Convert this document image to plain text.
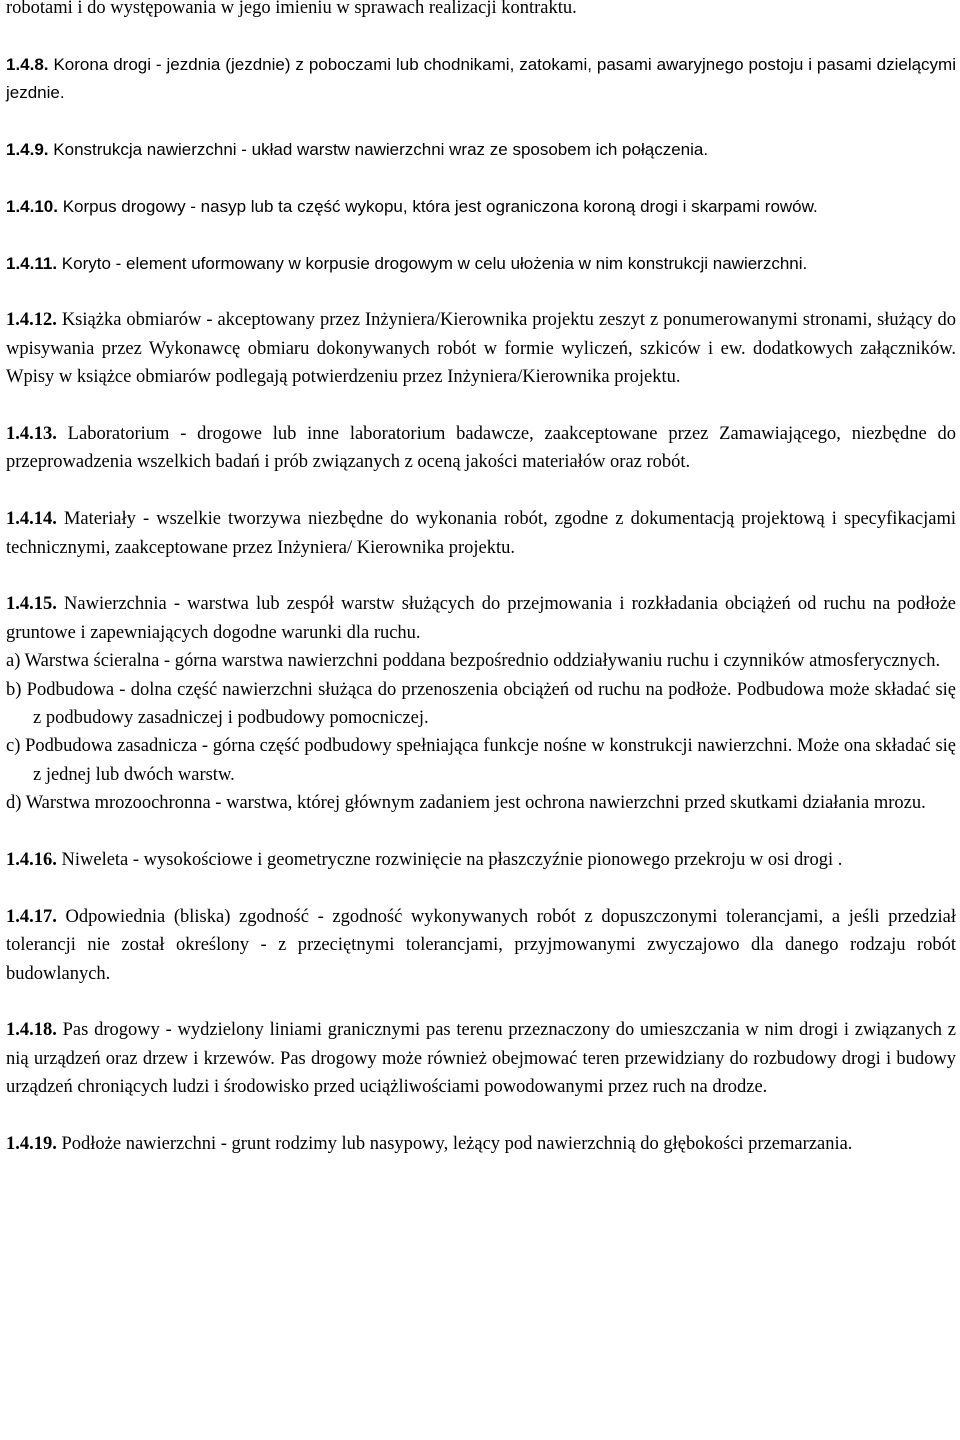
robotami i do występowania w jego imieniu w sprawach realizacji kontraktu.

1.4.8. Korona drogi - jezdnia (jezdnie) z poboczami lub chodnikami, zatokami, pasami awaryjnego postoju i pasami dzielącymi jezdnie.

1.4.9. Konstrukcja nawierzchni - układ warstw nawierzchni wraz ze sposobem ich połączenia.

1.4.10. Korpus drogowy - nasyp lub ta część wykopu, która jest ograniczona koroną drogi i skarpami rowów.

1.4.11. Koryto - element uformowany w korpusie drogowym w celu ułożenia w nim konstrukcji nawierzchni.

1.4.12. Książka obmiarów - akceptowany przez Inżyniera/Kierownika projektu zeszyt z ponumerowanymi stronami, służący do wpisywania przez Wykonawcę obmiaru dokonywanych robót w formie wyliczeń, szkiców i ew. dodatkowych załączników. Wpisy w książce obmiarów podlegają potwierdzeniu przez Inżyniera/Kierownika projektu.

1.4.13. Laboratorium - drogowe lub inne laboratorium badawcze, zaakceptowane przez Zamawiającego, niezbędne do przeprowadzenia wszelkich badań i prób związanych z oceną jakości materiałów oraz robót.

1.4.14. Materiały - wszelkie tworzywa niezbędne do wykonania robót, zgodne z dokumentacją projektową i specyfikacjami technicznymi, zaakceptowane przez Inżyniera/ Kierownika projektu.

1.4.15. Nawierzchnia - warstwa lub zespół warstw służących do przejmowania i rozkładania obciążeń od ruchu na podłoże gruntowe i zapewniających dogodne warunki dla ruchu.

a) Warstwa ścieralna - górna warstwa nawierzchni poddana bezpośrednio oddziaływaniu ruchu i czynników atmosferycznych.

b) Podbudowa - dolna część nawierzchni służąca do przenoszenia obciążeń od ruchu na podłoże. Podbudowa może składać się z podbudowy zasadniczej i podbudowy pomocniczej.

c) Podbudowa zasadnicza - górna część podbudowy spełniająca funkcje nośne w konstrukcji nawierzchni. Może ona składać się z jednej lub dwóch warstw.

d) Warstwa mrozoochronna - warstwa, której głównym zadaniem jest ochrona nawierzchni przed skutkami działania mrozu.

1.4.16. Niweleta - wysokościowe i geometryczne rozwinięcie na płaszczyźnie pionowego przekroju w osi drogi .

1.4.17. Odpowiednia (bliska) zgodność - zgodność wykonywanych robót z dopuszczonymi tolerancjami, a jeśli przedział tolerancji nie został określony - z przeciętnymi tolerancjami, przyjmowanymi zwyczajowo dla danego rodzaju robót budowlanych.

1.4.18. Pas drogowy - wydzielony liniami granicznymi pas terenu przeznaczony do umieszczania w nim drogi i związanych z nią urządzeń oraz drzew i krzewów. Pas drogowy może również obejmować teren przewidziany do rozbudowy drogi i budowy urządzeń chroniących ludzi i środowisko przed uciążliwościami powodowanymi przez ruch na drodze.

1.4.19. Podłoże nawierzchni - grunt rodzimy lub nasypowy, leżący pod nawierzchnią do głębokości przemarzania.
